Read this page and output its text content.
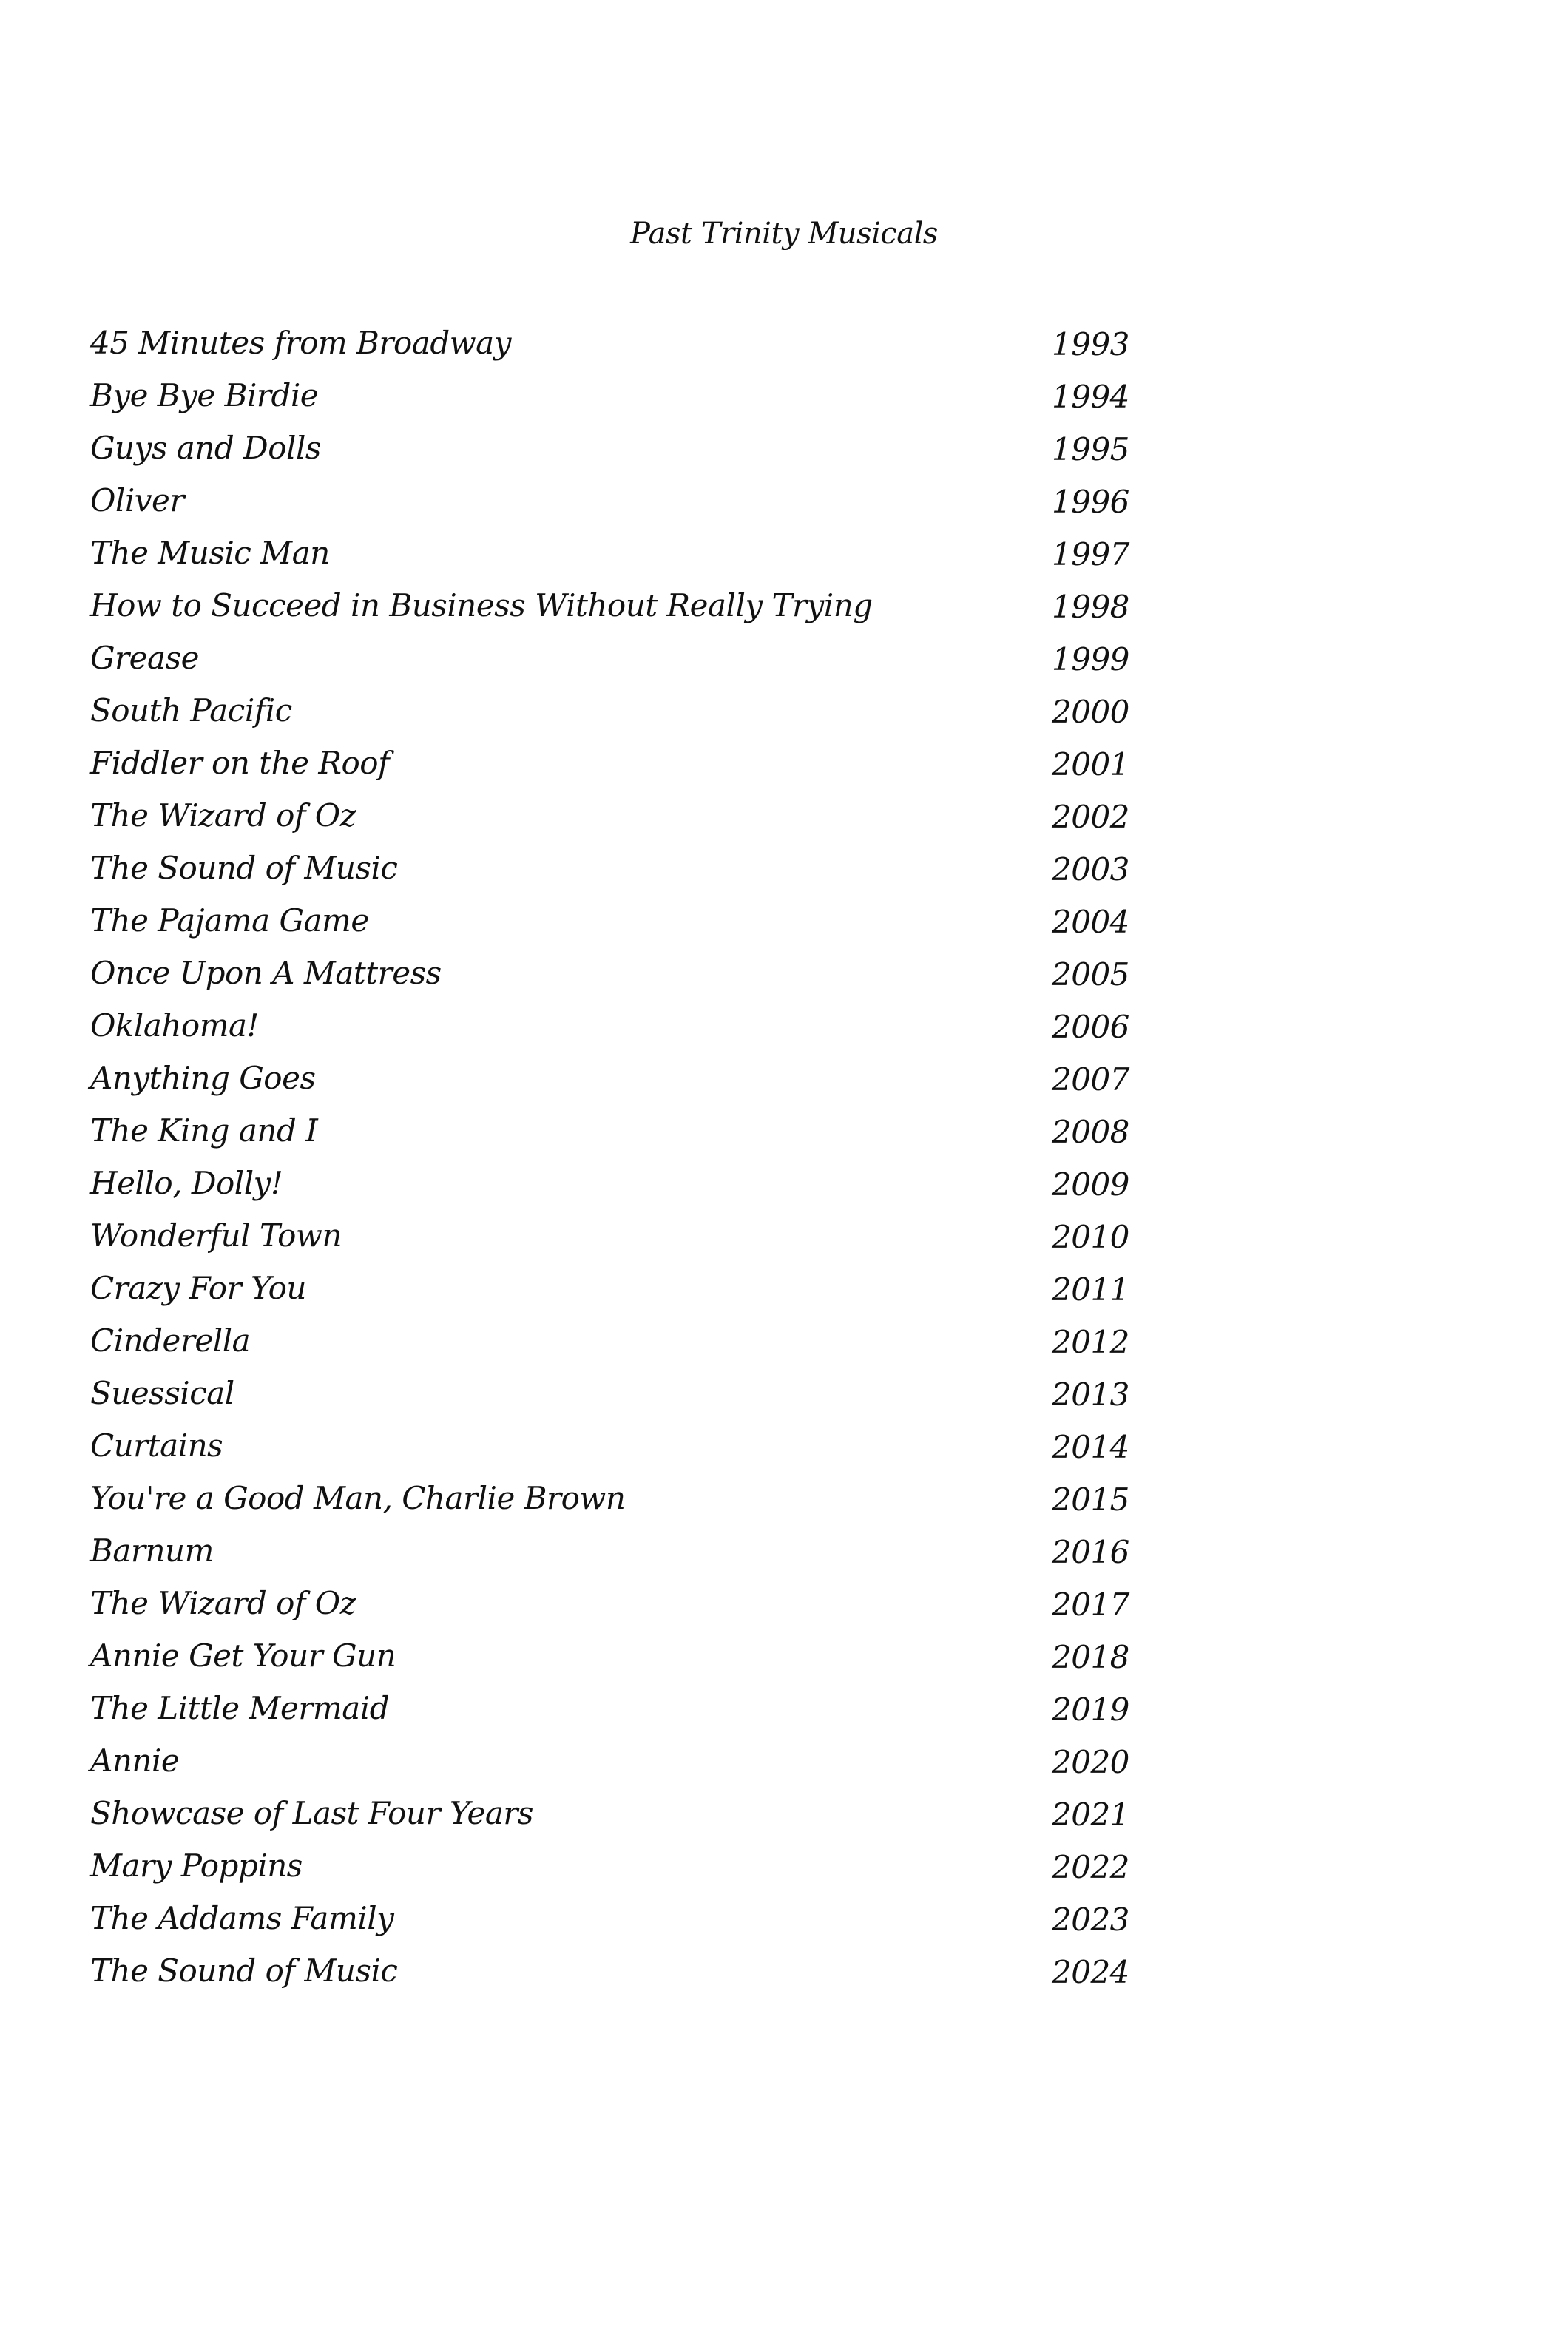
Past Trinity Musicals
45 Minutes from Broadway	1993
Bye Bye Birdie	1994
Guys and Dolls	1995
Oliver	1996
The Music Man	1997
How to Succeed in Business Without Really Trying	1998
Grease	1999
South Pacific	2000
Fiddler on the Roof	2001
The Wizard of Oz	2002
The Sound of Music	2003
The Pajama Game	2004
Once Upon A Mattress	2005
Oklahoma!	2006
Anything Goes	2007
The King and I	2008
Hello, Dolly!	2009
Wonderful Town	2010
Crazy For You	2011
Cinderella	2012
Suessical	2013
Curtains	2014
You're a Good Man, Charlie Brown	2015
Barnum	2016
The Wizard of Oz	2017
Annie Get Your Gun	2018
The Little Mermaid	2019
Annie	2020
Showcase of Last Four Years	2021
Mary Poppins	2022
The Addams Family	2023
The Sound of Music	2024
